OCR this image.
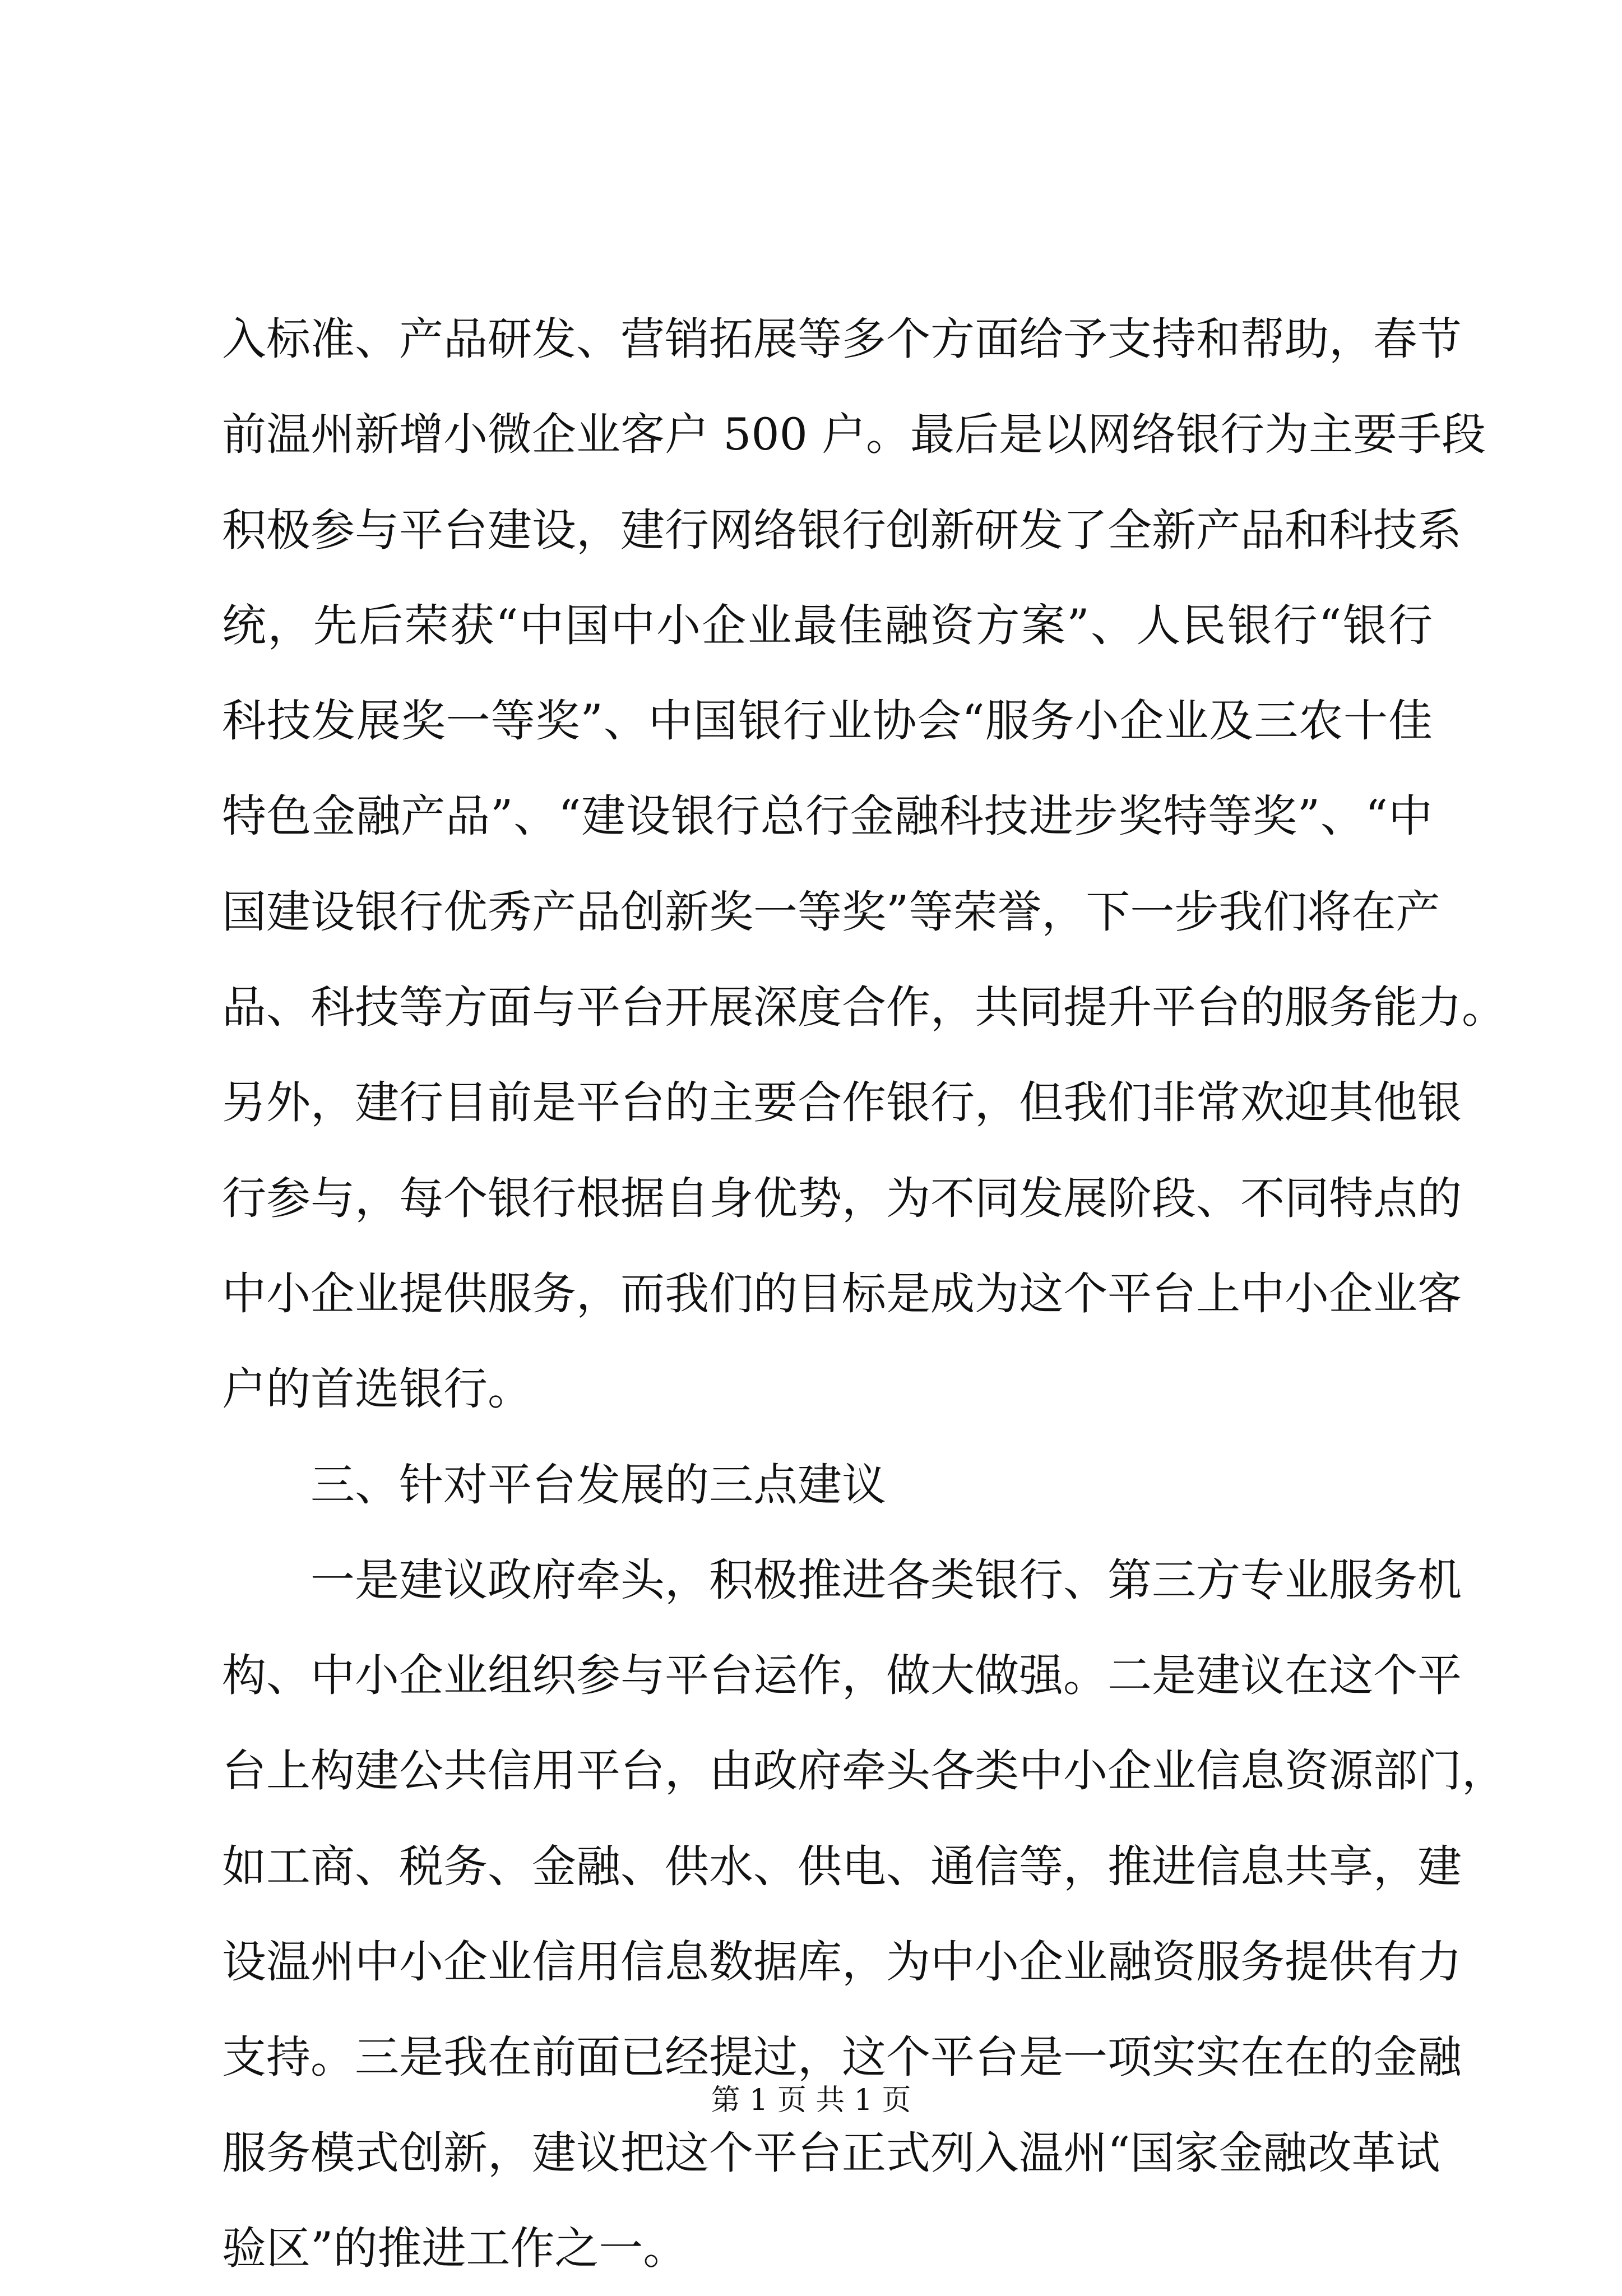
入标准、产品研发、营销拓展等多个方面给予支持和帮助，春节
前温州新增小微企业客户 500 户。最后是以网络银行为主要手段
积极参与平台建设，建行网络银行创新研发了全新产品和科技系
统，先后荣获“中国中小企业最佳融资方案”、人民银行“银行
科技发展奖一等奖”、中国银行业协会“服务小企业及三农十佳
特色金融产品”、“建设银行总行金融科技进步奖特等奖”、“中
国建设银行优秀产品创新奖一等奖”等荣誉，下一步我们将在产
品、科技等方面与平台开展深度合作，共同提升平台的服务能力。
另外，建行目前是平台的主要合作银行，但我们非常欢迎其他银
行参与，每个银行根据自身优势，为不同发展阶段、不同特点的
中小企业提供服务，而我们的目标是成为这个平台上中小企业客
户的首选银行。
三、针对平台发展的三点建议
一是建议政府牵头，积极推进各类银行、第三方专业服务机
构、中小企业组织参与平台运作，做大做强。二是建议在这个平
台上构建公共信用平台，由政府牵头各类中小企业信息资源部门，
如工商、税务、金融、供水、供电、通信等，推进信息共享，建
设温州中小企业信用信息数据库，为中小企业融资服务提供有力
支持。三是我在前面已经提过，这个平台是一项实实在在的金融
服务模式创新，建议把这个平台正式列入温州“国家金融改革试
验区”的推进工作之一。
第 1 页 共 1 页
